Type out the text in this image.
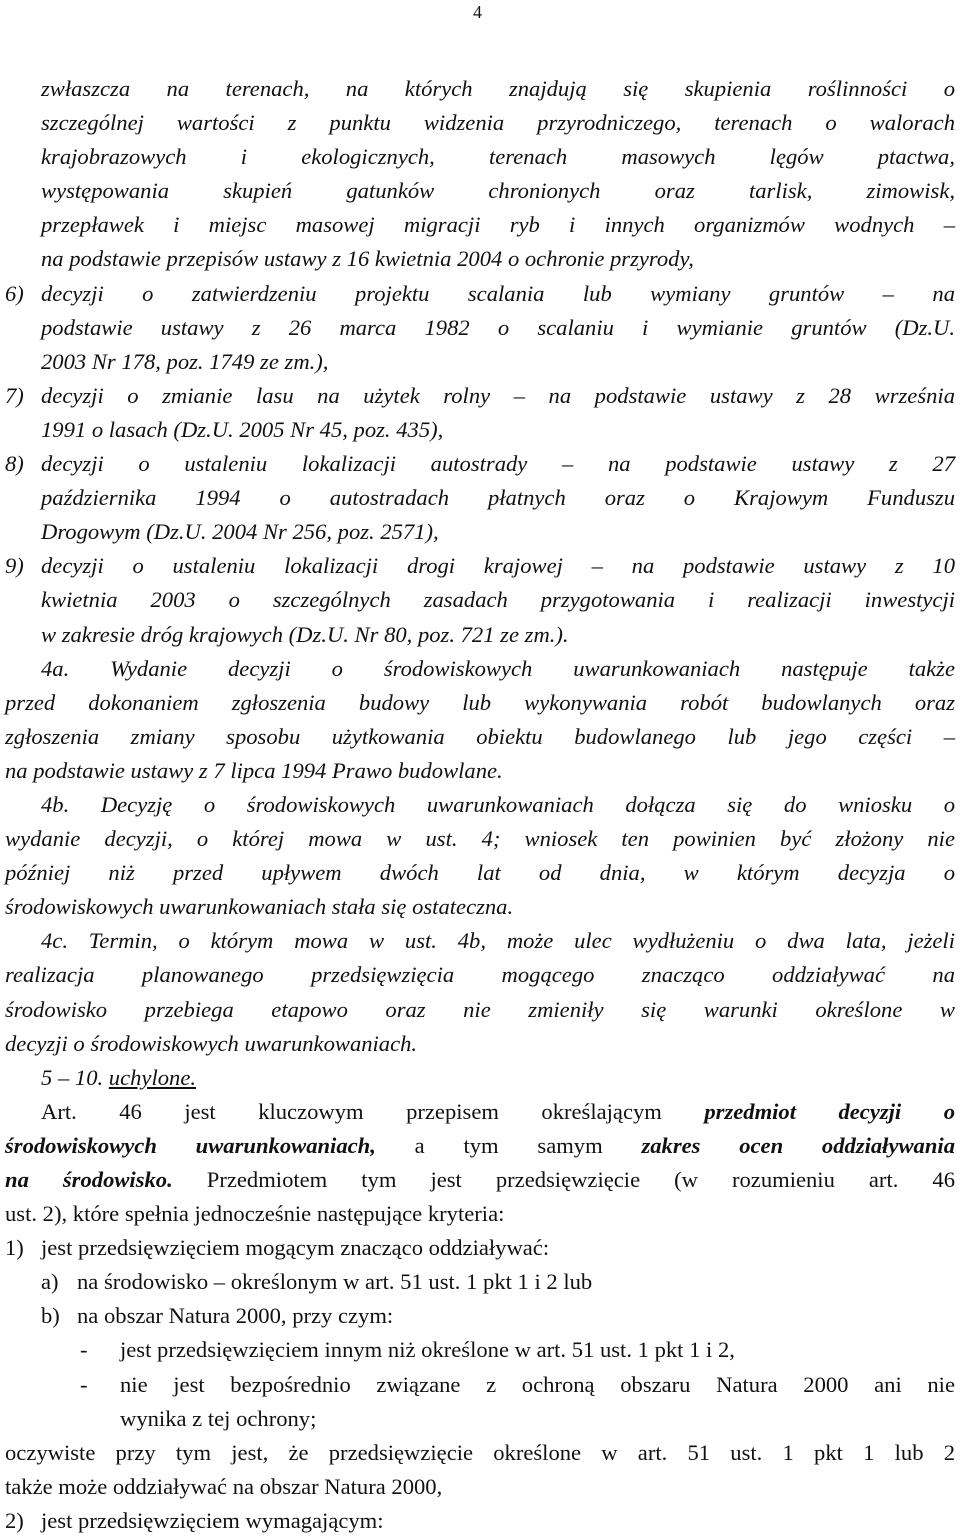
4
zwłaszcza na terenach, na których znajdują się skupienia roślinności o
szczególnej wartości z punktu widzenia przyrodniczego, terenach o walorach
krajobrazowych i ekologicznych, terenach masowych lęgów ptactwa,
występowania skupień gatunków chronionych oraz tarlisk, zimowisk,
przepławek i miejsc masowej migracji ryb i innych organizmów wodnych –
na podstawie przepisów ustawy z 16 kwietnia 2004 o ochronie przyrody,
6) decyzji o zatwierdzeniu projektu scalania lub wymiany gruntów – na
podstawie ustawy z 26 marca 1982 o scalaniu i wymianie gruntów (Dz.U.
2003 Nr 178, poz. 1749 ze zm.),
7) decyzji o zmianie lasu na użytek rolny – na podstawie ustawy z 28 września
1991 o lasach (Dz.U. 2005 Nr 45, poz. 435),
8) decyzji o ustaleniu lokalizacji autostrady – na podstawie ustawy z 27
października 1994 o autostradach płatnych oraz o Krajowym Funduszu
Drogowym (Dz.U. 2004 Nr 256, poz. 2571),
9) decyzji o ustaleniu lokalizacji drogi krajowej – na podstawie ustawy z 10
kwietnia 2003 o szczególnych zasadach przygotowania i realizacji inwestycji
w zakresie dróg krajowych (Dz.U. Nr 80, poz. 721 ze zm.).
4a. Wydanie decyzji o środowiskowych uwarunkowaniach następuje także
przed dokonaniem zgłoszenia budowy lub wykonywania robót budowlanych oraz
zgłoszenia zmiany sposobu użytkowania obiektu budowlanego lub jego części –
na podstawie ustawy z 7 lipca 1994 Prawo budowlane.
4b. Decyzję o środowiskowych uwarunkowaniach dołącza się do wniosku o
wydanie decyzji, o której mowa w ust. 4; wniosek ten powinien być złożony nie
później niż przed upływem dwóch lat od dnia, w którym decyzja o
środowiskowych uwarunkowaniach stała się ostateczna.
4c. Termin, o którym mowa w ust. 4b, może ulec wydłużeniu o dwa lata, jeżeli
realizacja planowanego przedsięwzięcia mogącego znacząco oddziaływać na
środowisko przebiega etapowo oraz nie zmieniły się warunki określone w
decyzji o środowiskowych uwarunkowaniach.
5 – 10. uchylone.
Art. 46 jest kluczowym przepisem określającym przedmiot decyzji o
środowiskowych uwarunkowaniach, a tym samym zakres ocen oddziaływania
na środowisko. Przedmiotem tym jest przedsięwzięcie (w rozumieniu art. 46
ust. 2), które spełnia jednocześnie następujące kryteria:
1) jest przedsięwzięciem mogącym znacząco oddziaływać:
a) na środowisko – określonym w art. 51 ust. 1 pkt 1 i 2 lub
b) na obszar Natura 2000, przy czym:
-	jest przedsięwzięciem innym niż określone w art. 51 ust. 1 pkt 1 i 2,
-	nie jest bezpośrednio związane z ochroną obszaru Natura 2000 ani nie
wynika z tej ochrony;
oczywiste przy tym jest, że przedsięwzięcie określone w art. 51 ust. 1 pkt 1 lub 2
także może oddziaływać na obszar Natura 2000,
2) jest przedsięwzięciem wymagającym:
